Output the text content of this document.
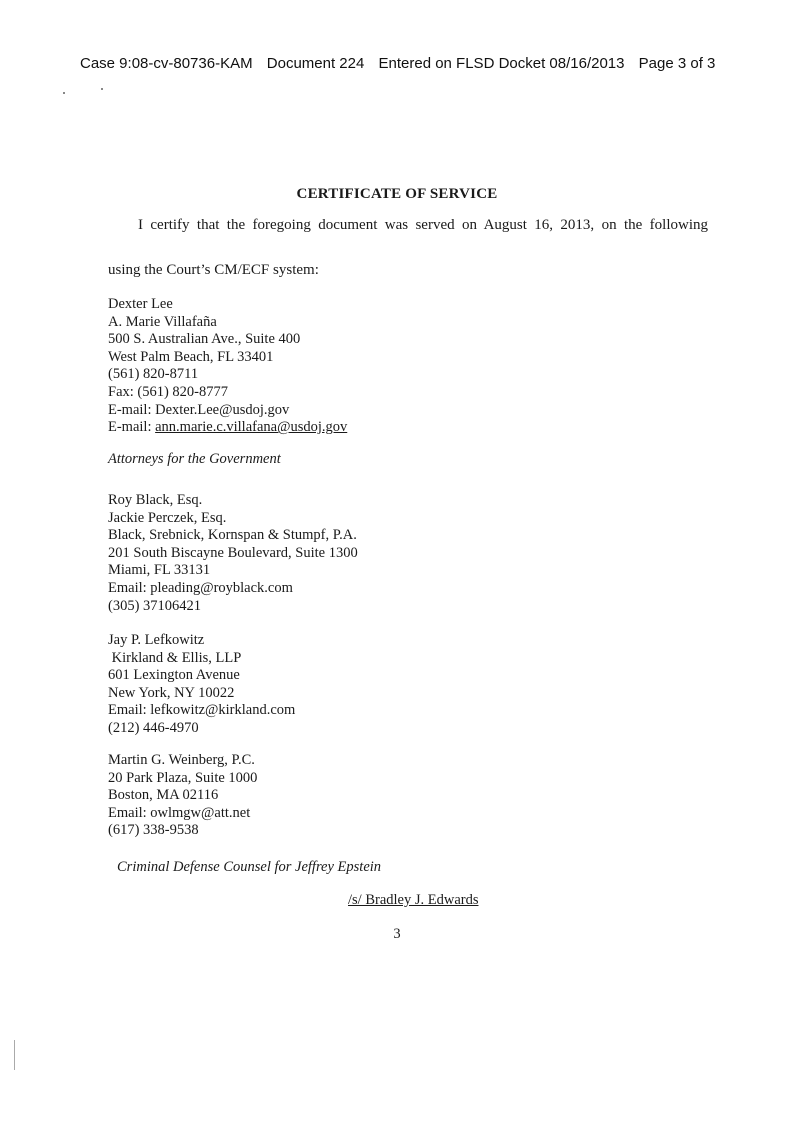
Case 9:08-cv-80736-KAM Document 224 Entered on FLSD Docket 08/16/2013 Page 3 of 3
CERTIFICATE OF SERVICE
I certify that the foregoing document was served on August 16, 2013, on the following
using the Court’s CM/ECF system:
Dexter Lee
A. Marie Villafaña
500 S. Australian Ave., Suite 400
West Palm Beach, FL 33401
(561) 820-8711
Fax: (561) 820-8777
E-mail: Dexter.Lee@usdoj.gov
E-mail: ann.marie.c.villafana@usdoj.gov
Attorneys for the Government
Roy Black, Esq.
Jackie Perczek, Esq.
Black, Srebnick, Kornspan & Stumpf, P.A.
201 South Biscayne Boulevard, Suite 1300
Miami, FL 33131
Email: pleading@royblack.com
(305) 37106421
Jay P. Lefkowitz
Kirkland & Ellis, LLP
601 Lexington Avenue
New York, NY 10022
Email: lefkowitz@kirkland.com
(212) 446-4970
Martin G. Weinberg, P.C.
20 Park Plaza, Suite 1000
Boston, MA 02116
Email: owlmgw@att.net
(617) 338-9538
Criminal Defense Counsel for Jeffrey Epstein
/s/ Bradley J. Edwards
3
